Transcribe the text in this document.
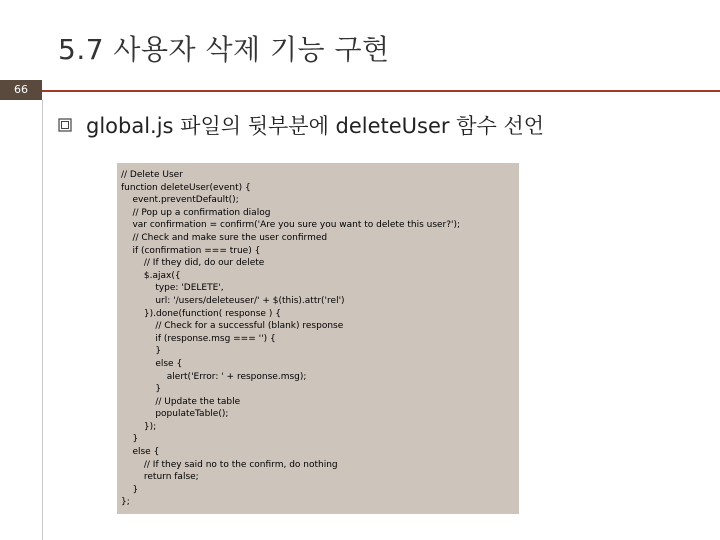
5.7 사용자 삭제 기능 구현
66
global.js 파일의 뒷부분에 deleteUser 함수 선언
// Delete User
function deleteUser(event) {
event.preventDefault();
// Pop up a confirmation dialog
var confirmation = confirm('Are you sure you want to delete this user?');
// Check and make sure the user confirmed
if (confirmation === true) {
// If they did, do our delete
$.ajax({
type: 'DELETE',
url: '/users/deleteuser/' + $(this).attr('rel')
}).done(function( response ) {
// Check for a successful (blank) response
if (response.msg === '') {
}
else {
alert('Error: ' + response.msg);
}
// Update the table
populateTable();
});
}
else {
// If they said no to the confirm, do nothing
return false;
}
};
